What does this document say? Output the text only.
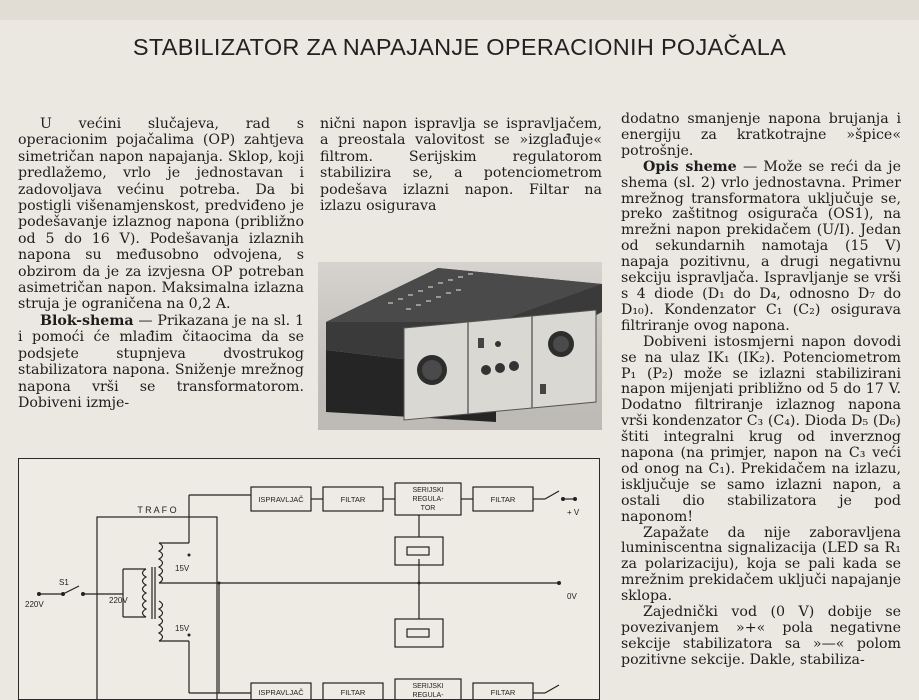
STABILIZATOR ZA NAPAJANJE OPERACIONIH POJAČALA

U većini slučajeva, rad s operacionim pojačalima (OP) zahtjeva simetričan napon napajanja. Sklop, koji predlažemo, vrlo je jednostavan i zadovoljava većinu potreba. Da bi postigli višenamjenskost, predviđeno je podešavanje izlaznog napona (približno od 5 do 16 V). Podešavanja izlaznih napona su međusobno odvojena, s obzirom da je za izvjesna OP potreban asimetričan napon. Maksimalna izlazna struja je ograničena na 0,2 A.

Blok-shema — Prikazana je na sl. 1 i pomoći će mlađim čitaocima da se podsjete stupnjeva dvostrukog stabilizatora napona. Sniženje mrežnog napona vrši se transformatorom. Dobiveni izmje-

nični napon ispravlja se ispravljačem, a preostala valovitost se »izglađuje« filtrom. Serijskim regulatorom stabilizira se, a potenciometrom podešava izlazni napon. Filtar na izlazu osigurava

dodatno smanjenje napona brujanja i energiju za kratkotrajne »špice« potrošnje.

Opis sheme — Može se reći da je shema (sl. 2) vrlo jednostavna. Primer mrežnog transformatora uključuje se, preko zaštitnog osigurača (OS1), na mrežni napon prekidačem (U/I). Jedan od sekundarnih namotaja (15 V) napaja pozitivnu, a drugi negativnu sekciju ispravljača. Ispravljanje se vrši s 4 diode (D₁ do D₄, odnosno D₇ do D₁₀). Kondenzator C₁ (C₂) osigurava filtriranje ovog napona.

Dobiveni istosmjerni napon dovodi se na ulaz IK₁ (IK₂). Potenciometrom P₁ (P₂) može se izlazni stabilizirani napon mijenjati približno od 5 do 17 V. Dodatno filtriranje izlaznog napona vrši kondenzator C₃ (C₄). Dioda D₅ (D₆) štiti integralni krug od inverznog napona (na primjer, napon na C₃ veći od onog na C₁). Prekidačem na izlazu, isključuje se samo izlazni napon, a ostali dio stabilizatora je pod naponom!

Zapažate da nije zaboravljena luminiscentna signalizacija (LED sa R₁ za polarizaciju), koja se pali kada se mrežnim prekidačem uključi napajanje sklopa.

Zajednički vod (0 V) dobije se povezivanjem »+« pola negativne sekcije stabilizatora sa »—« polom pozitivne sekcije. Dakle, stabiliza-

T R A F O
15V
15V
220V
S1
220V
ISPRAVLJAČ	FILTAR
SERIJSKI
REGULA-
TOR
FILTAR
+ V
0V
ISPRAVLJAČ	FILTAR
SERIJSKI
REGULA-	FILTAR
